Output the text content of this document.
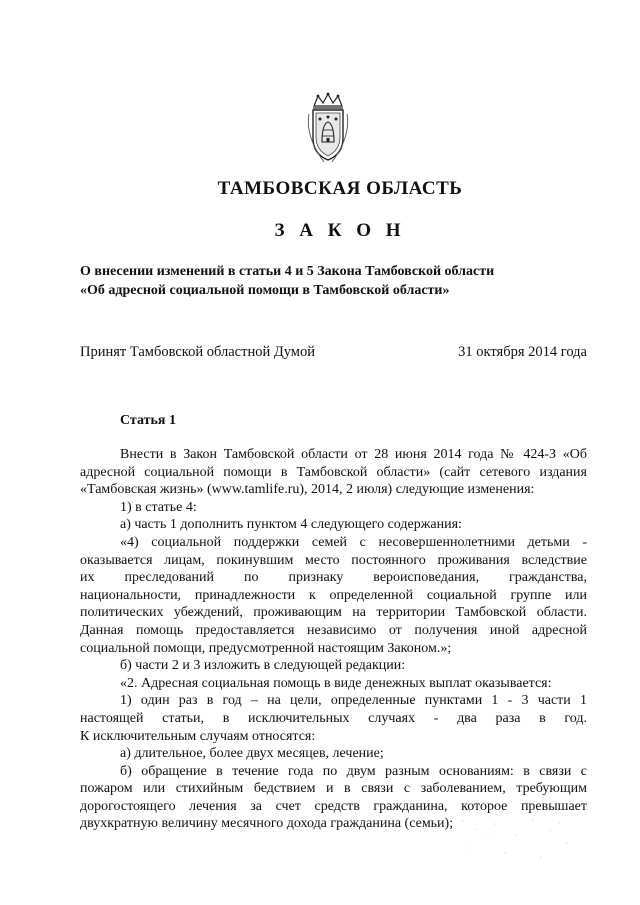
ТАМБОВСКАЯ ОБЛАСТЬ
З А К О Н
О внесении изменений в статьи 4 и 5 Закона Тамбовской области
«Об адресной социальной помощи в Тамбовской области»
Принят Тамбовской областной Думой	31 октября 2014 года
Статья 1

Внести в Закон Тамбовской области от 28 июня 2014 года № 424-З «Об

адресной социальной помощи в Тамбовской области» (сайт сетевого издания

«Тамбовская жизнь» (www.tamlife.ru), 2014, 2 июля) следующие изменения:

1) в статье 4:

а) часть 1 дополнить пунктом 4 следующего содержания:

«4) социальной поддержки семей с несовершеннолетними детьми -

оказывается лицам, покинувшим место постоянного проживания вследствие

их преследований по признаку вероисповедания, гражданства,

национальности, принадлежности к определенной социальной группе или

политических убеждений, проживающим на территории Тамбовской области.

Данная помощь предоставляется независимо от получения иной адресной

социальной помощи, предусмотренной настоящим Законом.»;

б) части 2 и 3 изложить в следующей редакции:

«2. Адресная социальная помощь в виде денежных выплат оказывается:

1) один раз в год – на цели, определенные пунктами 1 - 3 части 1

настоящей статьи, в исключительных случаях - два раза в год.

К исключительным случаям относятся:

а) длительное, более двух месяцев, лечение;

б) обращение в течение года по двум разным основаниям: в связи с

пожаром или стихийным бедствием и в связи с заболеванием, требующим

дорогостоящего лечения за счет средств гражданина, которое превышает

двухкратную величину месячного дохода гражданина (семьи);
